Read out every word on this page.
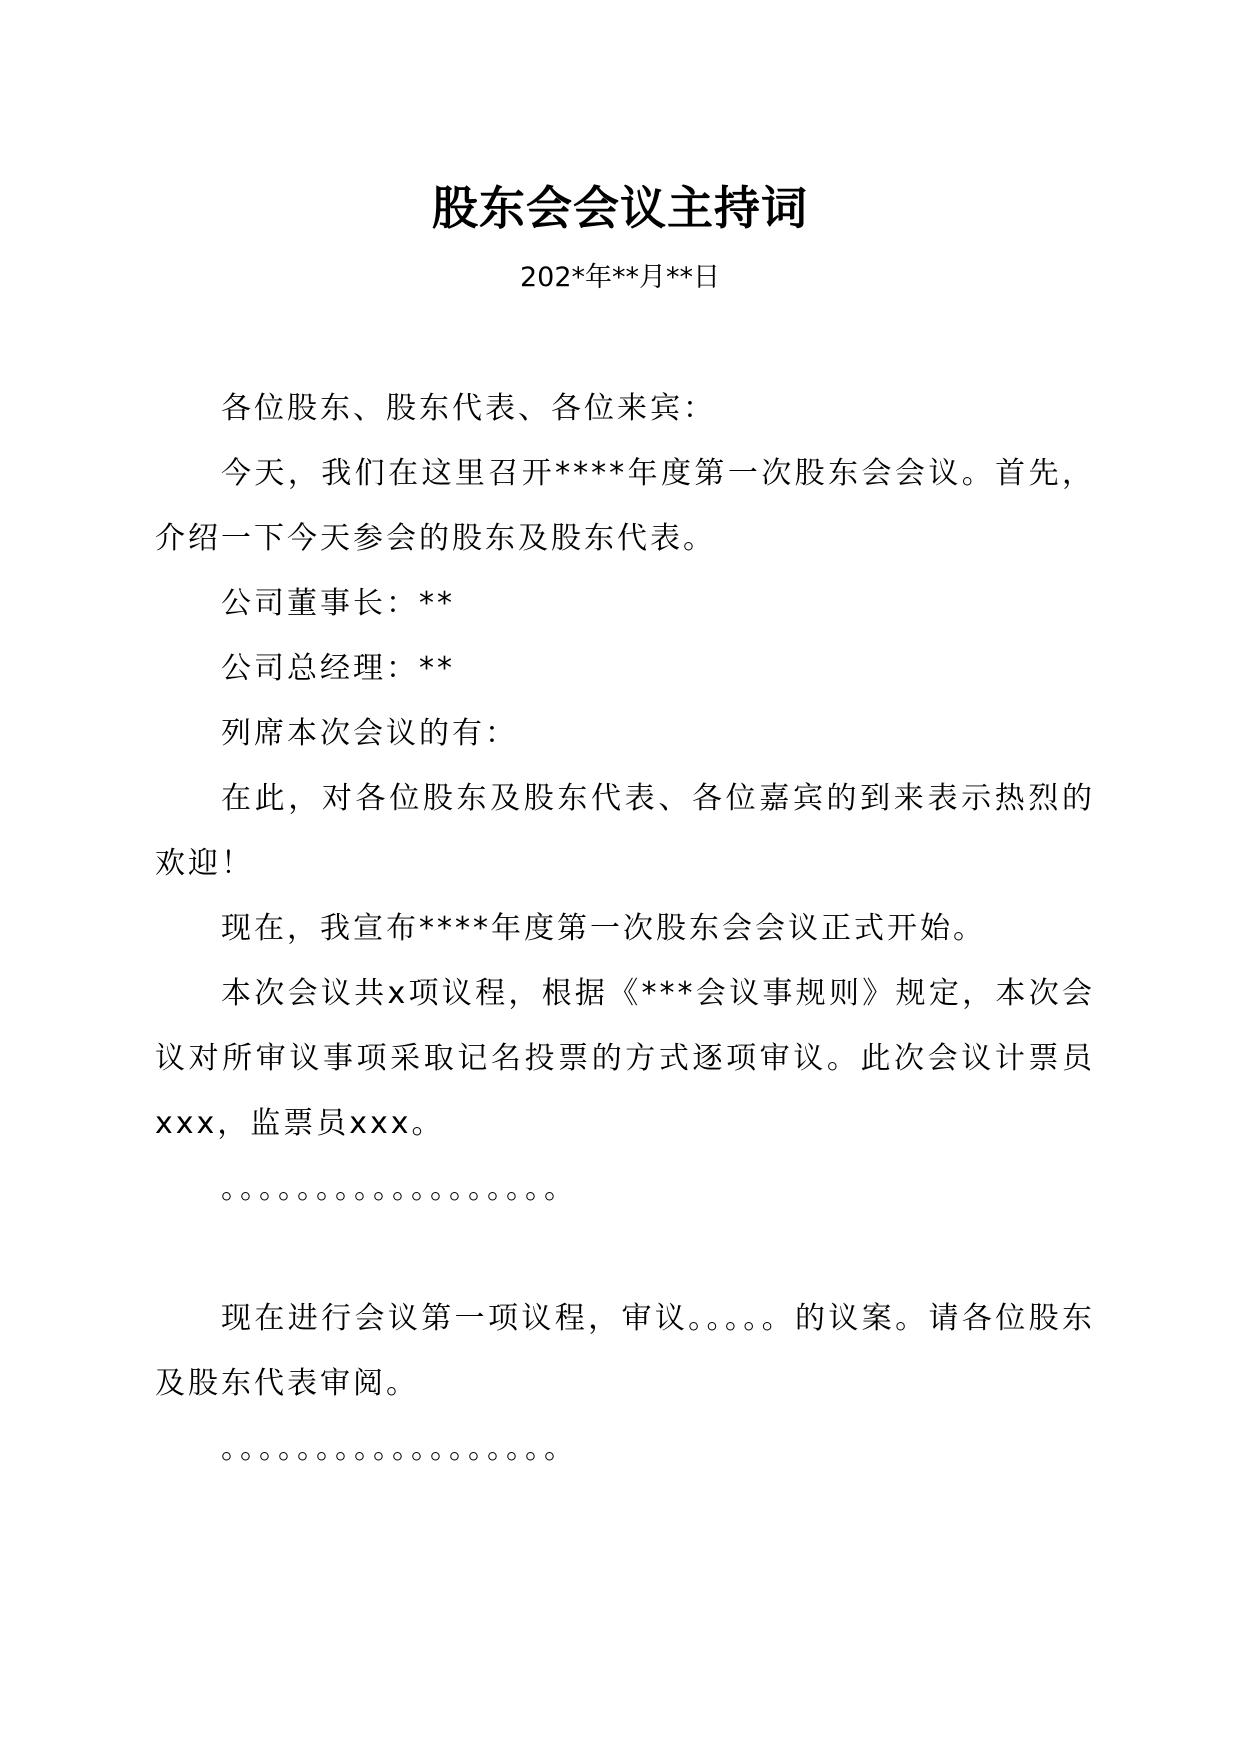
股东会会议主持词
202*年**月**日

各位股东、股东代表、各位来宾：

今天，我们在这里召开****年度第一次股东会会议。首先，介绍一下今天参会的股东及股东代表。

公司董事长：**

公司总经理：**

列席本次会议的有：

在此，对各位股东及股东代表、各位嘉宾的到来表示热烈的欢迎！

现在，我宣布****年度第一次股东会会议正式开始。

本次会议共x项议程，根据《***会议事规则》规定，本次会议对所审议事项采取记名投票的方式逐项审议。此次会议计票员xxx，监票员xxx。

。。。。。。。。。。。。。。。。。。

现在进行会议第一项议程，审议。。。。。的议案。请各位股东及股东代表审阅。

。。。。。。。。。。。。。。。。。。
